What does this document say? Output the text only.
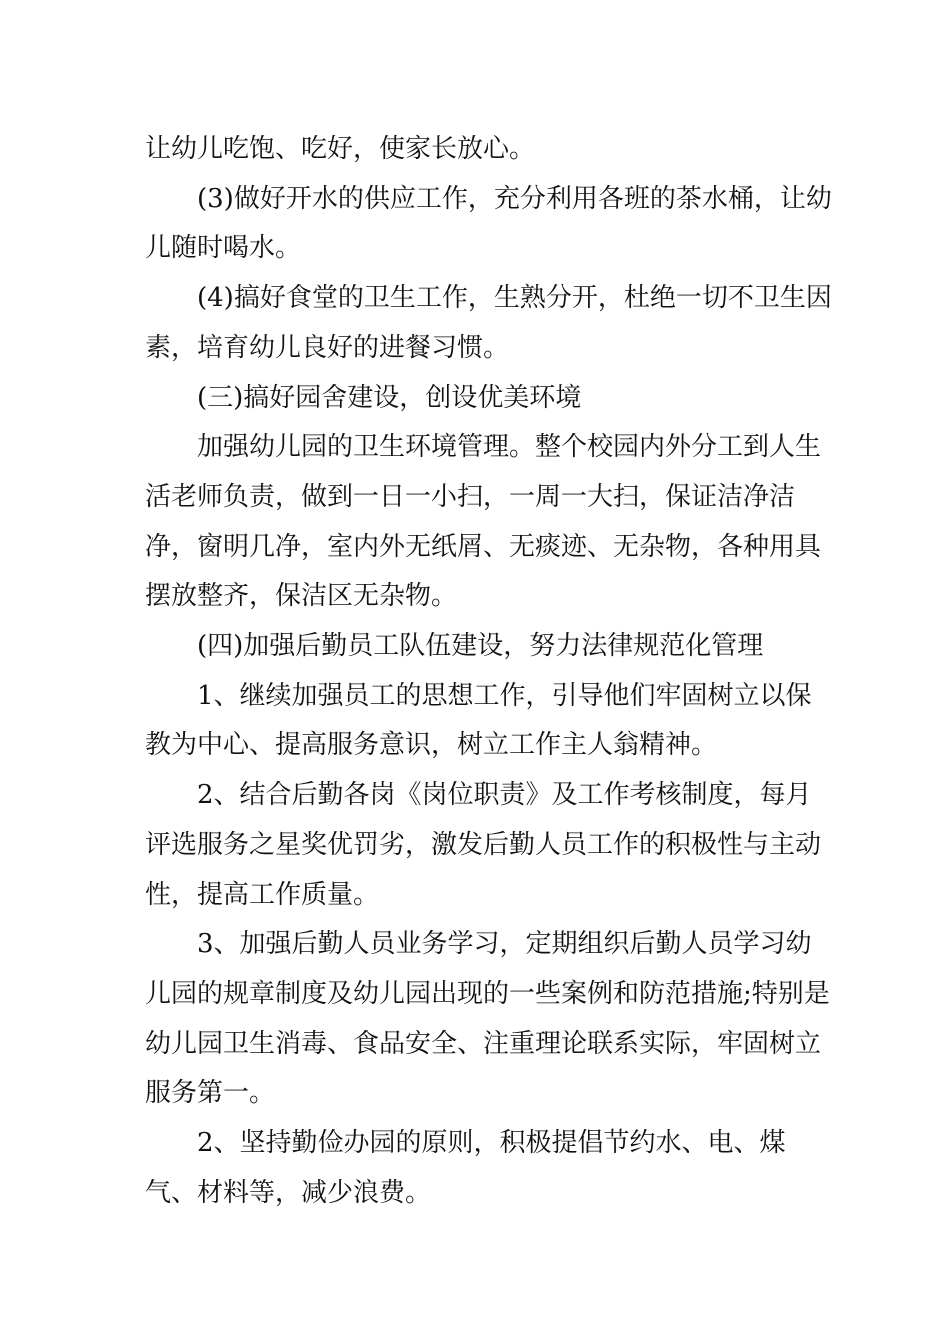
让幼儿吃饱、吃好，使家长放心。

(3)做好开水的供应工作，充分利用各班的茶水桶，让幼儿随时喝水。

(4)搞好食堂的卫生工作，生熟分开，杜绝一切不卫生因素，培育幼儿良好的进餐习惯。

(三)搞好园舍建设，创设优美环境

加强幼儿园的卫生环境管理。整个校园内外分工到人生活老师负责，做到一日一小扫，一周一大扫，保证洁净洁净，窗明几净，室内外无纸屑、无痰迹、无杂物，各种用具摆放整齐，保洁区无杂物。

(四)加强后勤员工队伍建设，努力法律规范化管理

1、继续加强员工的思想工作，引导他们牢固树立以保教为中心、提高服务意识，树立工作主人翁精神。

2、结合后勤各岗《岗位职责》及工作考核制度，每月评选服务之星奖优罚劣，激发后勤人员工作的积极性与主动性，提高工作质量。

3、加强后勤人员业务学习，定期组织后勤人员学习幼儿园的规章制度及幼儿园出现的一些案例和防范措施;特别是幼儿园卫生消毒、食品安全、注重理论联系实际，牢固树立服务第一。

2、坚持勤俭办园的原则，积极提倡节约水、电、煤气、材料等，减少浪费。
